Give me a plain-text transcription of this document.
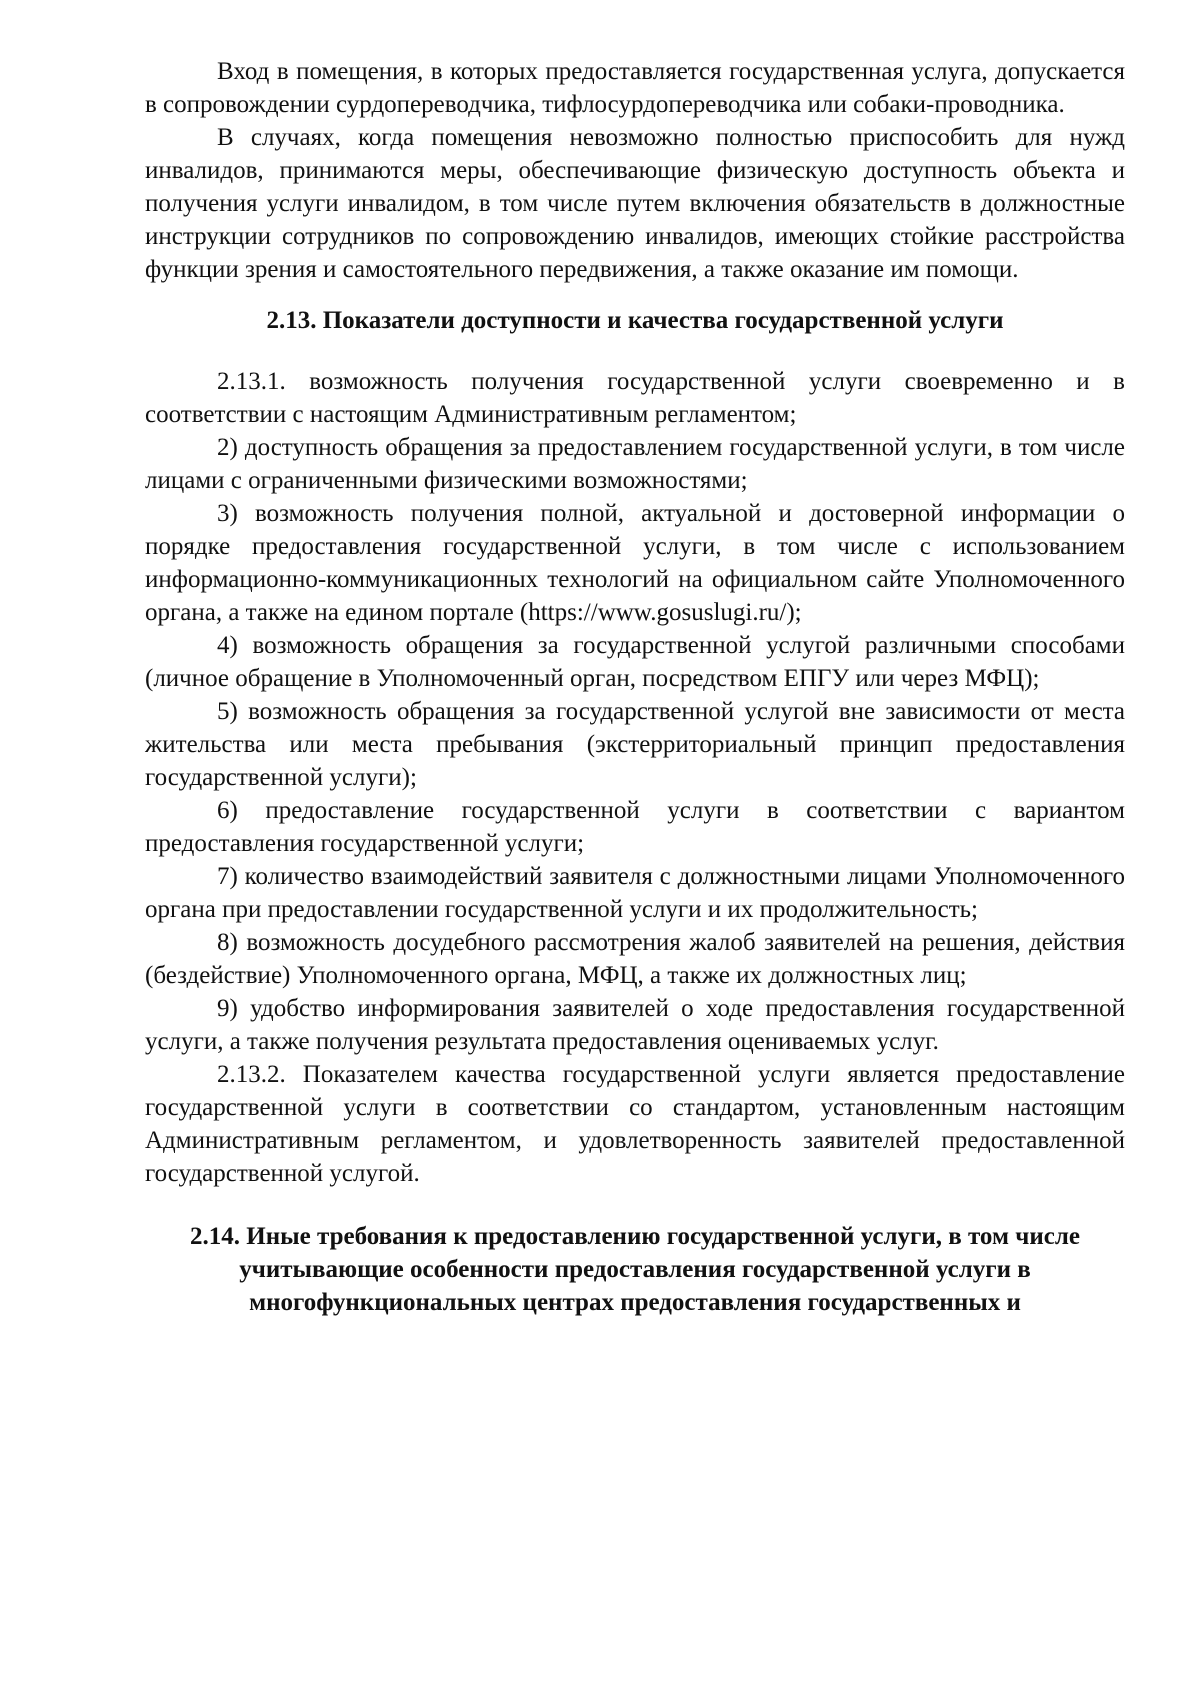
Вход в помещения, в которых предоставляется государственная услуга, допускается в сопровождении сурдопереводчика, тифлосурдопереводчика или собаки-проводника.

В случаях, когда помещения невозможно полностью приспособить для нужд инвалидов, принимаются меры, обеспечивающие физическую доступность объекта и получения услуги инвалидом, в том числе путем включения обязательств в должностные инструкции сотрудников по сопровождению инвалидов, имеющих стойкие расстройства функции зрения и самостоятельного передвижения, а также оказание им помощи.

2.13. Показатели доступности и качества государственной услуги

2.13.1. возможность получения государственной услуги своевременно и в соответствии с настоящим Административным регламентом;

2) доступность обращения за предоставлением государственной услуги, в том числе лицами с ограниченными физическими возможностями;

3) возможность получения полной, актуальной и достоверной информации о порядке предоставления государственной услуги, в том числе с использованием информационно-коммуникационных технологий на официальном сайте Уполномоченного органа, а также на едином портале (https://www.gosuslugi.ru/);

4) возможность обращения за государственной услугой различными способами (личное обращение в Уполномоченный орган, посредством ЕПГУ или через МФЦ);

5) возможность обращения за государственной услугой вне зависимости от места жительства или места пребывания (экстерриториальный принцип предоставления государственной услуги);

6) предоставление государственной услуги в соответствии с вариантом предоставления государственной услуги;

7) количество взаимодействий заявителя с должностными лицами Уполномоченного органа при предоставлении государственной услуги и их продолжительность;

8) возможность досудебного рассмотрения жалоб заявителей на решения, действия (бездействие) Уполномоченного органа, МФЦ, а также их должностных лиц;

9) удобство информирования заявителей о ходе предоставления государственной услуги, а также получения результата предоставления оцениваемых услуг.

2.13.2. Показателем качества государственной услуги является предоставление государственной услуги в соответствии со стандартом, установленным настоящим Административным регламентом, и удовлетворенность заявителей предоставленной государственной услугой.

2.14. Иные требования к предоставлению государственной услуги, в том числе учитывающие особенности предоставления государственной услуги в многофункциональных центрах предоставления государственных и
